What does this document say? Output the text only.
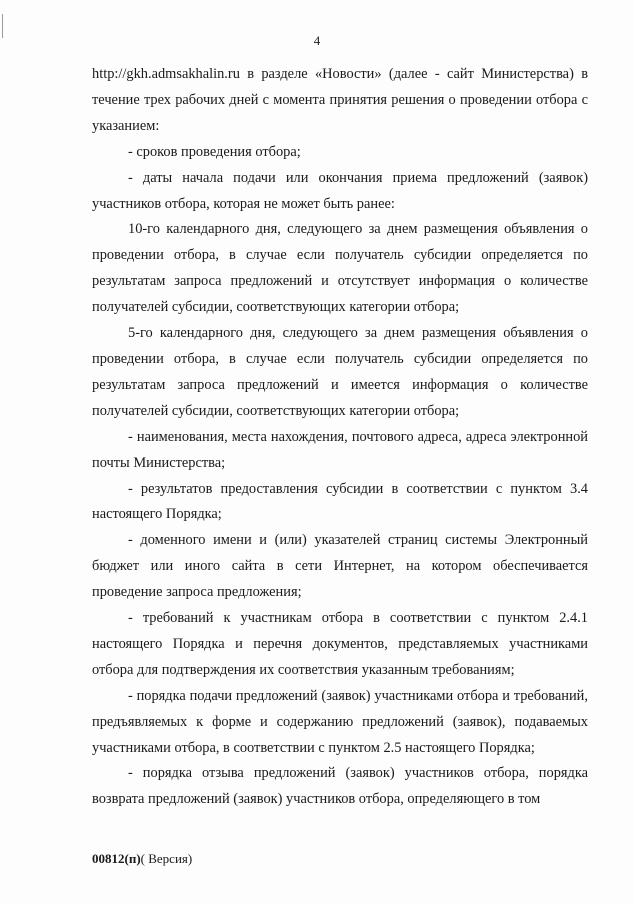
4

http://gkh.admsakhalin.ru в разделе «Новости» (далее - сайт Министерства) в течение трех рабочих дней с момента принятия решения о проведении отбора с указанием:

- сроков проведения отбора;

- даты начала подачи или окончания приема предложений (заявок) участников отбора, которая не может быть ранее:

10-го календарного дня, следующего за днем размещения объявления о проведении отбора, в случае если получатель субсидии определяется по результатам запроса предложений и отсутствует информация о количестве получателей субсидии, соответствующих категории отбора;

5-го календарного дня, следующего за днем размещения объявления о проведении отбора, в случае если получатель субсидии определяется по результатам запроса предложений и имеется информация о количестве получателей субсидии, соответствующих категории отбора;

- наименования, места нахождения, почтового адреса, адреса электронной почты Министерства;

- результатов предоставления субсидии в соответствии с пунктом 3.4 настоящего Порядка;

- доменного имени и (или) указателей страниц системы Электронный бюджет или иного сайта в сети Интернет, на котором обеспечивается проведение запроса предложения;

- требований к участникам отбора в соответствии с пунктом 2.4.1 настоящего Порядка и перечня документов, представляемых участниками отбора для подтверждения их соответствия указанным требованиям;

- порядка подачи предложений (заявок) участниками отбора и требований, предъявляемых к форме и содержанию предложений (заявок), подаваемых участниками отбора, в соответствии с пунктом 2.5 настоящего Порядка;

- порядка отзыва предложений (заявок) участников отбора, порядка возврата предложений (заявок) участников отбора, определяющего в том

00812(п)( Версия)
